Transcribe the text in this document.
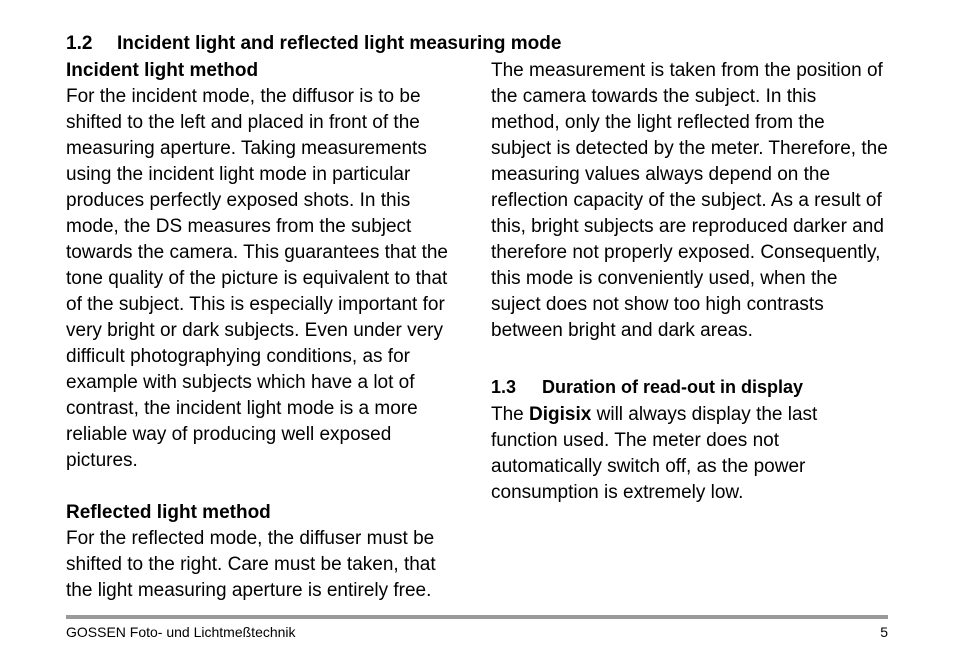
1.2 Incident light and reflected light measuring mode
Incident light method

For the incident mode, the diffusor is to be shifted to the left and placed in front of the measuring aperture. Taking measurements using the incident light mode in particular produces perfectly exposed shots. In this mode, the DS measures from the subject towards the camera. This guarantees that the tone quality of the picture is equivalent to that of the subject. This is especially important for very bright or dark subjects. Even under very difficult photographying conditions, as for example with subjects which have a lot of contrast, the incident light mode is a more reliable way of producing well exposed pictures.

Reflected light method

For the reflected mode, the diffuser must be shifted to the right. Care must be taken, that the light measuring aperture is entirely free.

The measurement is taken from the position of the camera towards the subject. In this method, only the light reflected from the subject is detected by the meter. Therefore, the measuring values always depend on the reflection capacity of the subject. As a result of this, bright subjects are reproduced darker and therefore not properly exposed. Consequently, this mode is conveniently used, when the suject does not show too high contrasts between bright and dark areas.

1.3 Duration of read-out in display

The Digisix will always display the last function used. The meter does not automatically switch off, as the power consumption is extremely low.

GOSSEN Foto- und Lichtmeßtechnik	5
